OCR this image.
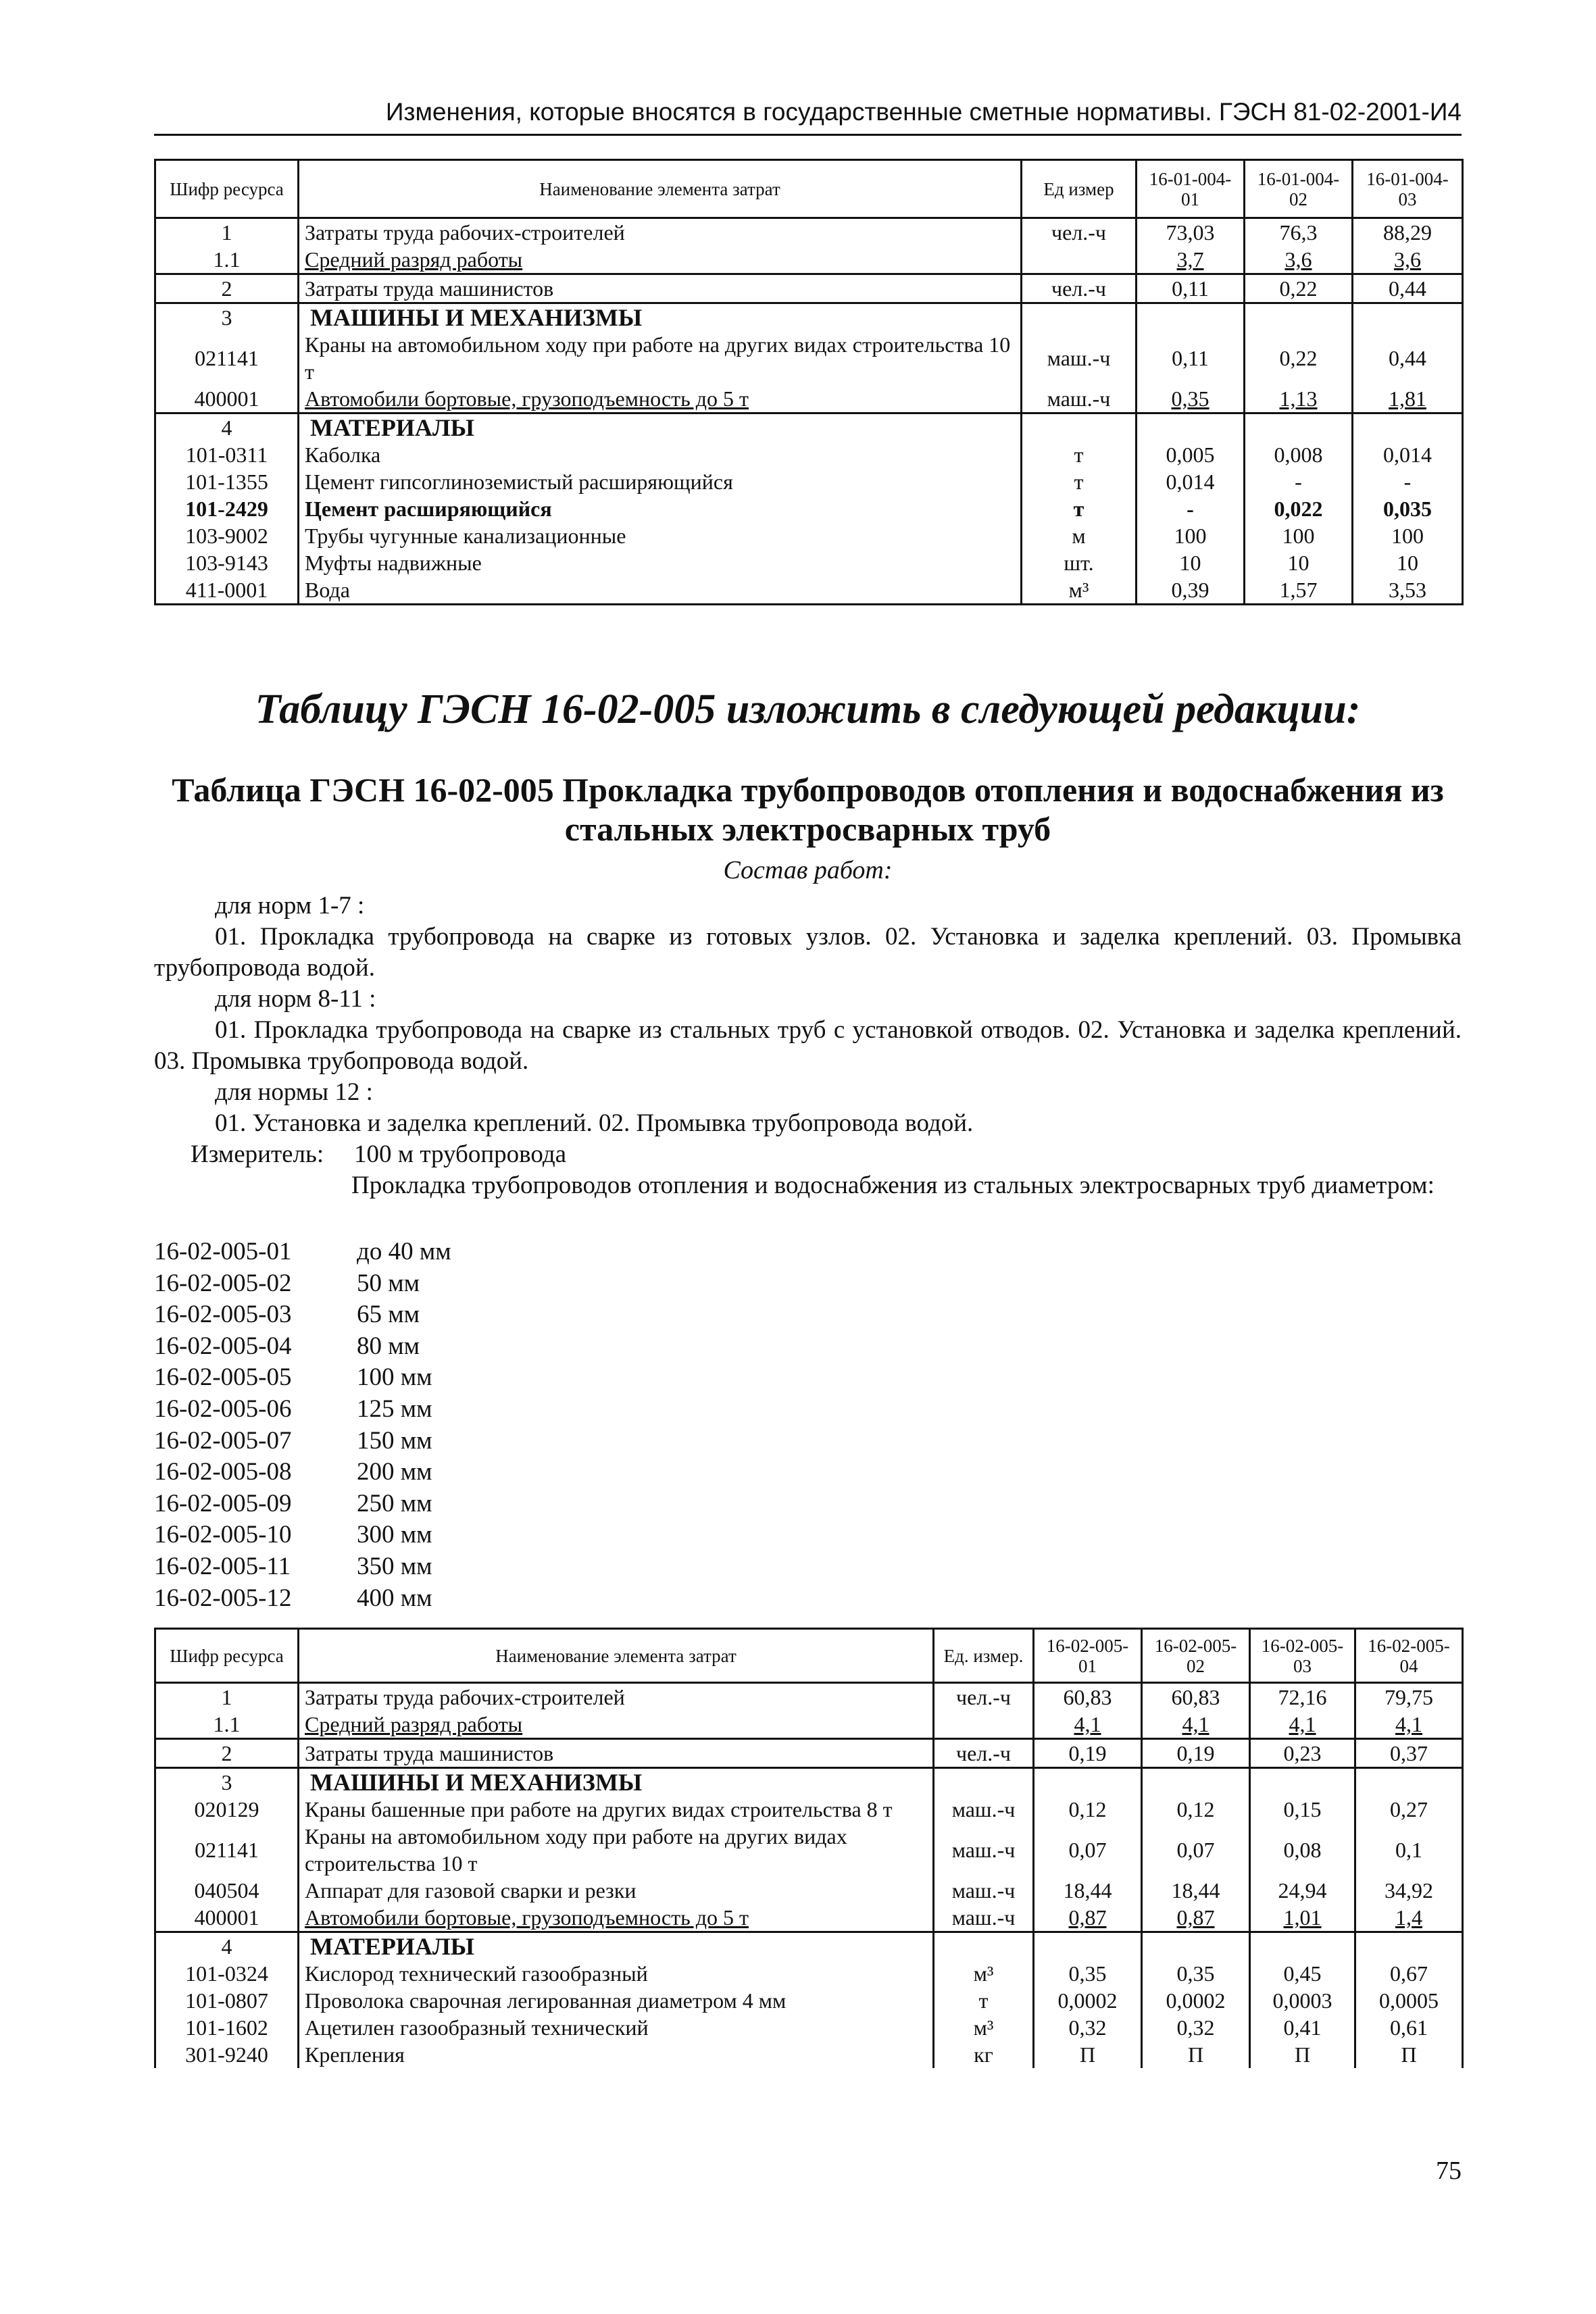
Изменения, которые вносятся в государственные сметные нормативы. ГЭСН 81-02-2001-И4
Шифр ресурса	Наименование элемента затрат	Ед измер	16-01-004-01	16-01-004-02	16-01-004-03
1	Затраты труда рабочих-строителей	чел.-ч	73,03	76,3	88,29
1.1	Средний разряд работы		3,7	3,6	3,6
2	Затраты труда машинистов	чел.-ч	0,11	0,22	0,44
3	МАШИНЫ И МЕХАНИЗМЫ				
021141	Краны на автомобильном ходу при работе на других видах строительства 10 т	маш.-ч	0,11	0,22	0,44
400001	Автомобили бортовые, грузоподъемность до 5 т	маш.-ч	0,35	1,13	1,81
4	МАТЕРИАЛЫ				
101-0311	Каболка	т	0,005	0,008	0,014
101-1355	Цемент гипсоглиноземистый расширяющийся	т	0,014	-	-
101-2429	Цемент расширяющийся	т	-	0,022	0,035
103-9002	Трубы чугунные канализационные	м	100	100	100
103-9143	Муфты надвижные	шт.	10	10	10
411-0001	Вода	м³	0,39	1,57	3,53
Таблицу ГЭСН 16-02-005 изложить в следующей редакции:
Таблица ГЭСН 16-02-005 Прокладка трубопроводов отопления и водоснабжения из стальных электросварных труб
Состав работ:
для норм 1-7 :
01. Прокладка трубопровода на сварке из готовых узлов. 02. Установка и заделка креплений. 03. Промывка трубопровода водой.
для норм 8-11 :
01. Прокладка трубопровода на сварке из стальных труб с установкой отводов. 02. Установка и заделка креплений. 03. Промывка трубопровода водой.
для нормы 12 :
01. Установка и заделка креплений. 02. Промывка трубопровода водой.
Измеритель: 100 м трубопровода
Прокладка трубопроводов отопления и водоснабжения из стальных электросварных труб диаметром:
16-02-005-01	до 40 мм
16-02-005-02	50 мм
16-02-005-03	65 мм
16-02-005-04	80 мм
16-02-005-05	100 мм
16-02-005-06	125 мм
16-02-005-07	150 мм
16-02-005-08	200 мм
16-02-005-09	250 мм
16-02-005-10	300 мм
16-02-005-11	350 мм
16-02-005-12	400 мм
Шифр ресурса	Наименование элемента затрат	Ед. измер.	16-02-005-01	16-02-005-02	16-02-005-03	16-02-005-04
1	Затраты труда рабочих-строителей	чел.-ч	60,83	60,83	72,16	79,75
1.1	Средний разряд работы		4,1	4,1	4,1	4,1
2	Затраты труда машинистов	чел.-ч	0,19	0,19	0,23	0,37
3	МАШИНЫ И МЕХАНИЗМЫ					
020129	Краны башенные при работе на других видах строительства 8 т	маш.-ч	0,12	0,12	0,15	0,27
021141	Краны на автомобильном ходу при работе на других видах строительства 10 т	маш.-ч	0,07	0,07	0,08	0,1
040504	Аппарат для газовой сварки и резки	маш.-ч	18,44	18,44	24,94	34,92
400001	Автомобили бортовые, грузоподъемность до 5 т	маш.-ч	0,87	0,87	1,01	1,4
4	МАТЕРИАЛЫ					
101-0324	Кислород технический газообразный	м³	0,35	0,35	0,45	0,67
101-0807	Проволока сварочная легированная диаметром 4 мм	т	0,0002	0,0002	0,0003	0,0005
101-1602	Ацетилен газообразный технический	м³	0,32	0,32	0,41	0,61
301-9240	Крепления	кг	П	П	П	П
75
